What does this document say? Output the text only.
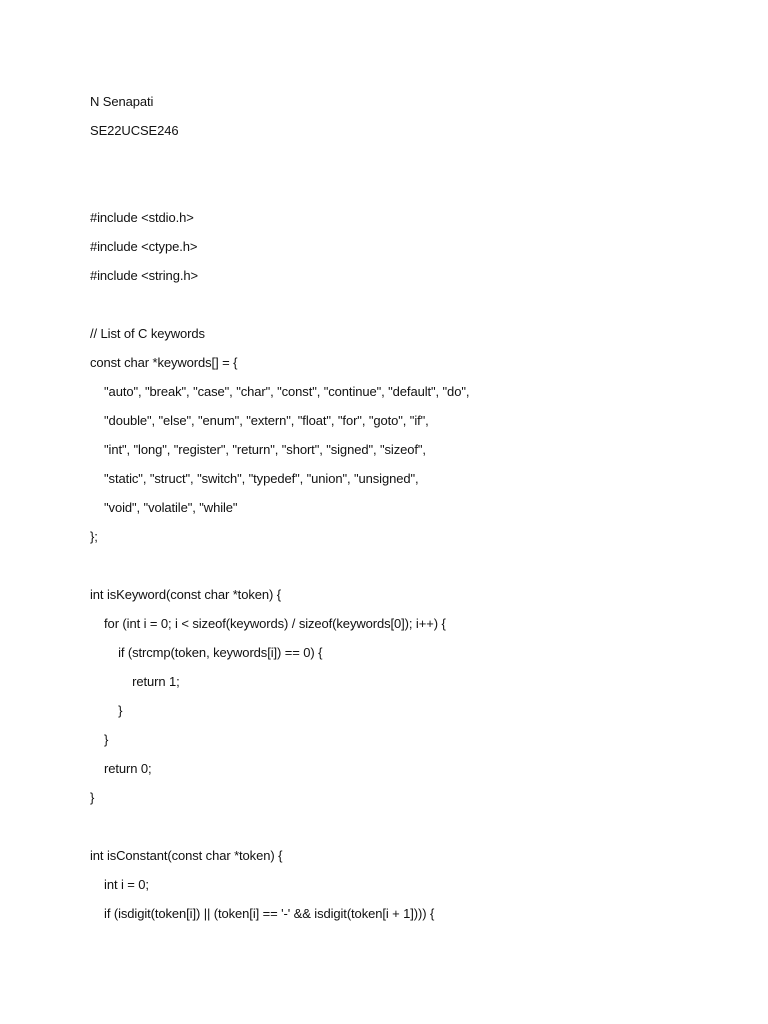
N Senapati
SE22UCSE246
#include <stdio.h>
#include <ctype.h>
#include <string.h>
// List of C keywords
const char *keywords[] = {
"auto", "break", "case", "char", "const", "continue", "default", "do",
"double", "else", "enum", "extern", "float", "for", "goto", "if",
"int", "long", "register", "return", "short", "signed", "sizeof",
"static", "struct", "switch", "typedef", "union", "unsigned",
"void", "volatile", "while"
};
int isKeyword(const char *token) {
for (int i = 0; i < sizeof(keywords) / sizeof(keywords[0]); i++) {
if (strcmp(token, keywords[i]) == 0) {
return 1;
}
}
return 0;
}
int isConstant(const char *token) {
int i = 0;
if (isdigit(token[i]) || (token[i] == '-' && isdigit(token[i + 1]))) {
